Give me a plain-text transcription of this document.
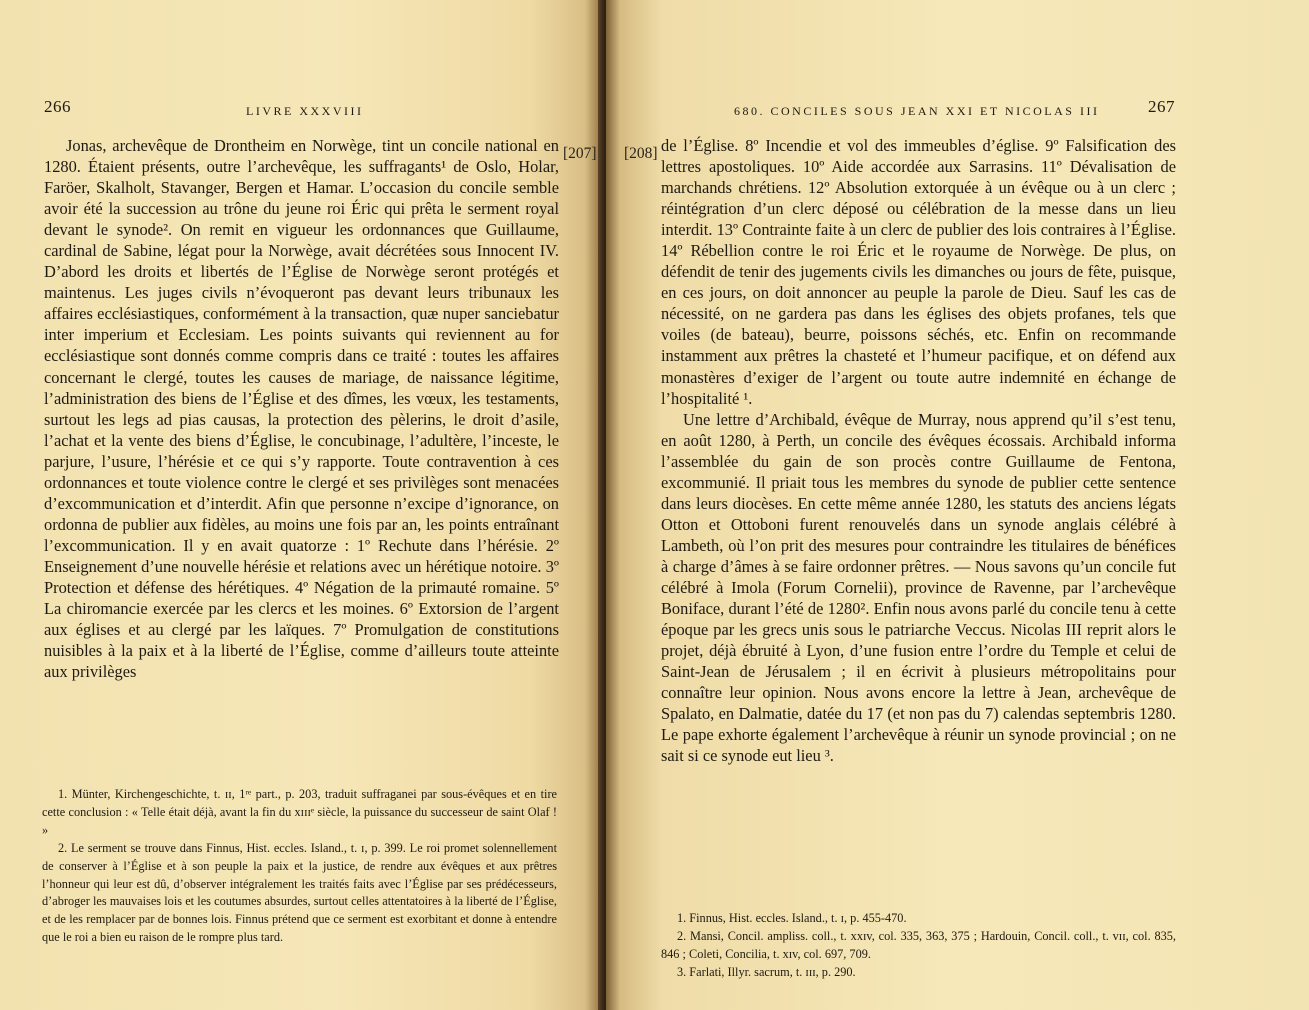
266	LIVRE XXXVIII

Jonas, archevêque de Drontheim en Norwège, tint un concile national en 1280. Étaient présents, outre l’archevêque, les suffragants¹ de Oslo, Holar, Faröer, Skalholt, Stavanger, Bergen et Hamar. L’occasion du concile semble avoir été la succession au trône du jeune roi Éric qui prêta le serment royal devant le synode². On remit en vigueur les ordonnances que Guillaume, cardinal de Sabine, légat pour la Norwège, avait décrétées sous Innocent IV. D’abord les droits et libertés de l’Église de Norwège seront protégés et maintenus. Les juges civils n’évoqueront pas devant leurs tribunaux les affaires ecclésiastiques, conformément à la transaction, quæ nuper sanciebatur inter imperium et Ecclesiam. Les points suivants qui reviennent au for ecclésiastique sont donnés comme compris dans ce traité : toutes les affaires concernant le clergé, toutes les causes de mariage, de naissance légitime, l’administration des biens de l’Église et des dîmes, les vœux, les testaments, surtout les legs ad pias causas, la protection des pèlerins, le droit d’asile, l’achat et la vente des biens d’Église, le concubinage, l’adultère, l’inceste, le parjure, l’usure, l’hérésie et ce qui s’y rapporte. Toute contravention à ces ordonnances et toute violence contre le clergé et ses privilèges sont menacées d’excommunication et d’interdit. Afin que personne n’excipe d’ignorance, on ordonna de publier aux fidèles, au moins une fois par an, les points entraînant l’excommunication. Il y en avait quatorze : 1º Rechute dans l’hérésie. 2º Enseignement d’une nouvelle hérésie et relations avec un hérétique notoire. 3º Protection et défense des hérétiques. 4º Négation de la primauté romaine. 5º La chiromancie exercée par les clercs et les moines. 6º Extorsion de l’argent aux églises et au clergé par les laïques. 7º Promulgation de constitutions nuisibles à la paix et à la liberté de l’Église, comme d’ailleurs toute atteinte aux privilèges

1. Münter, Kirchengeschichte, t. ɪɪ, 1ʳᵉ part., p. 203, traduit suffraganei par sous-évêques et en tire cette conclusion : « Telle était déjà, avant la fin du xɪɪɪᵉ siècle, la puissance du successeur de saint Olaf ! »

2. Le serment se trouve dans Finnus, Hist. eccles. Island., t. ɪ, p. 399. Le roi promet solennellement de conserver à l’Église et à son peuple la paix et la justice, de rendre aux évêques et aux prêtres l’honneur qui leur est dû, d’observer intégralement les traités faits avec l’Église par ses prédécesseurs, d’abroger les mauvaises lois et les coutumes absurdes, surtout celles attentatoires à la liberté de l’Église, et de les remplacer par de bonnes lois. Finnus prétend que ce serment est exorbitant et donne à entendre que le roi a bien eu raison de le rompre plus tard.

[207]
680. CONCILES SOUS JEAN XXI ET NICOLAS III	267

de l’Église. 8º Incendie et vol des immeubles d’église. 9º Falsification des lettres apostoliques. 10º Aide accordée aux Sarrasins. 11º Dévalisation de marchands chrétiens. 12º Absolution extorquée à un évêque ou à un clerc ; réintégration d’un clerc déposé ou célébration de la messe dans un lieu interdit. 13º Contrainte faite à un clerc de publier des lois contraires à l’Église. 14º Rébellion contre le roi Éric et le royaume de Norwège. De plus, on défendit de tenir des jugements civils les dimanches ou jours de fête, puisque, en ces jours, on doit annoncer au peuple la parole de Dieu. Sauf les cas de nécessité, on ne gardera pas dans les églises des objets profanes, tels que voiles (de bateau), beurre, poissons séchés, etc. Enfin on recommande instamment aux prêtres la chasteté et l’humeur pacifique, et on défend aux monastères d’exiger de l’argent ou toute autre indemnité en échange de l’hospitalité ¹.

Une lettre d’Archibald, évêque de Murray, nous apprend qu’il s’est tenu, en août 1280, à Perth, un concile des évêques écossais. Archibald informa l’assemblée du gain de son procès contre Guillaume de Fentona, excommunié. Il priait tous les membres du synode de publier cette sentence dans leurs diocèses. En cette même année 1280, les statuts des anciens légats Otton et Ottoboni furent renouvelés dans un synode anglais célébré à Lambeth, où l’on prit des mesures pour contraindre les titulaires de bénéfices à charge d’âmes à se faire ordonner prêtres. — Nous savons qu’un concile fut célébré à Imola (Forum Cornelii), province de Ravenne, par l’archevêque Boniface, durant l’été de 1280². Enfin nous avons parlé du concile tenu à cette époque par les grecs unis sous le patriarche Veccus. Nicolas III reprit alors le projet, déjà ébruité à Lyon, d’une fusion entre l’ordre du Temple et celui de Saint-Jean de Jérusalem ; il en écrivit à plusieurs métropolitains pour connaître leur opinion. Nous avons encore la lettre à Jean, archevêque de Spalato, en Dalmatie, datée du 17 (et non pas du 7) calendas septembris 1280. Le pape exhorte également l’archevêque à réunir un synode provincial ; on ne sait si ce synode eut lieu ³.

1. Finnus, Hist. eccles. Island., t. ɪ, p. 455-470.

2. Mansi, Concil. ampliss. coll., t. xxɪv, col. 335, 363, 375 ; Hardouin, Concil. coll., t. vɪɪ, col. 835, 846 ; Coleti, Concilia, t. xɪv, col. 697, 709.

3. Farlati, Illyr. sacrum, t. ɪɪɪ, p. 290.

[208]
